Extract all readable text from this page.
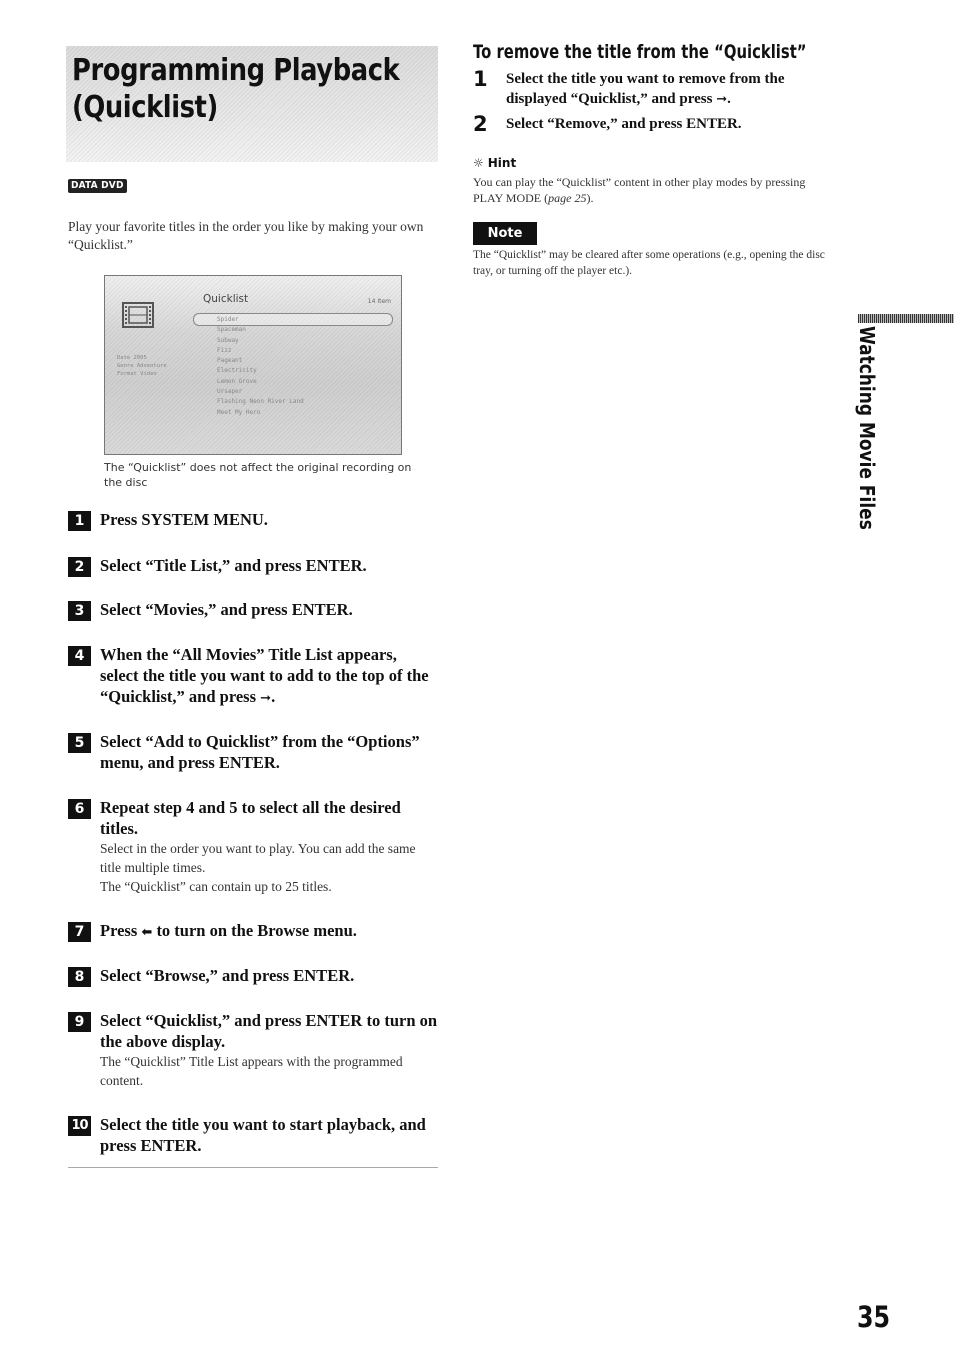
Programming Playback
(Quicklist)
DATA DVD

Play your favorite titles in the order you like by making your own “Quicklist.”

Quicklist	14 Item
Spider
Spaceman
Subway
Fizz
Pageant
Electricity
Lemon Grove
Ursaper
Flashing Neon River Land
Meet My Hero
Date 2005
Genre Adventure
Format Video

The “Quicklist” does not affect the original recording on the disc

1 Press SYSTEM MENU.

2 Select “Title List,” and press ENTER.

3 Select “Movies,” and press ENTER.

4 When the “All Movies” Title List appears, select the title you want to add to the top of the “Quicklist,” and press ➞.

5 Select “Add to Quicklist” from the “Options” menu, and press ENTER.

6 Repeat step 4 and 5 to select all the desired titles.

Select in the order you want to play. You can add the same title multiple times.

The “Quicklist” can contain up to 25 titles.

7 Press ⬅ to turn on the Browse menu.

8 Select “Browse,” and press ENTER.

9 Select “Quicklist,” and press ENTER to turn on the above display.

The “Quicklist” Title List appears with the programmed content.

10 Select the title you want to start playback, and press ENTER.

To remove the title from the “Quicklist”
1 Select the title you want to remove from the displayed “Quicklist,” and press ➞.

2 Select “Remove,” and press ENTER.

☼ Hint

You can play the “Quicklist” content in other play modes by pressing PLAY MODE (page 25).

Note

The “Quicklist” may be cleared after some operations (e.g., opening the disc tray, or turning off the player etc.).

Watching Movie Files
35
